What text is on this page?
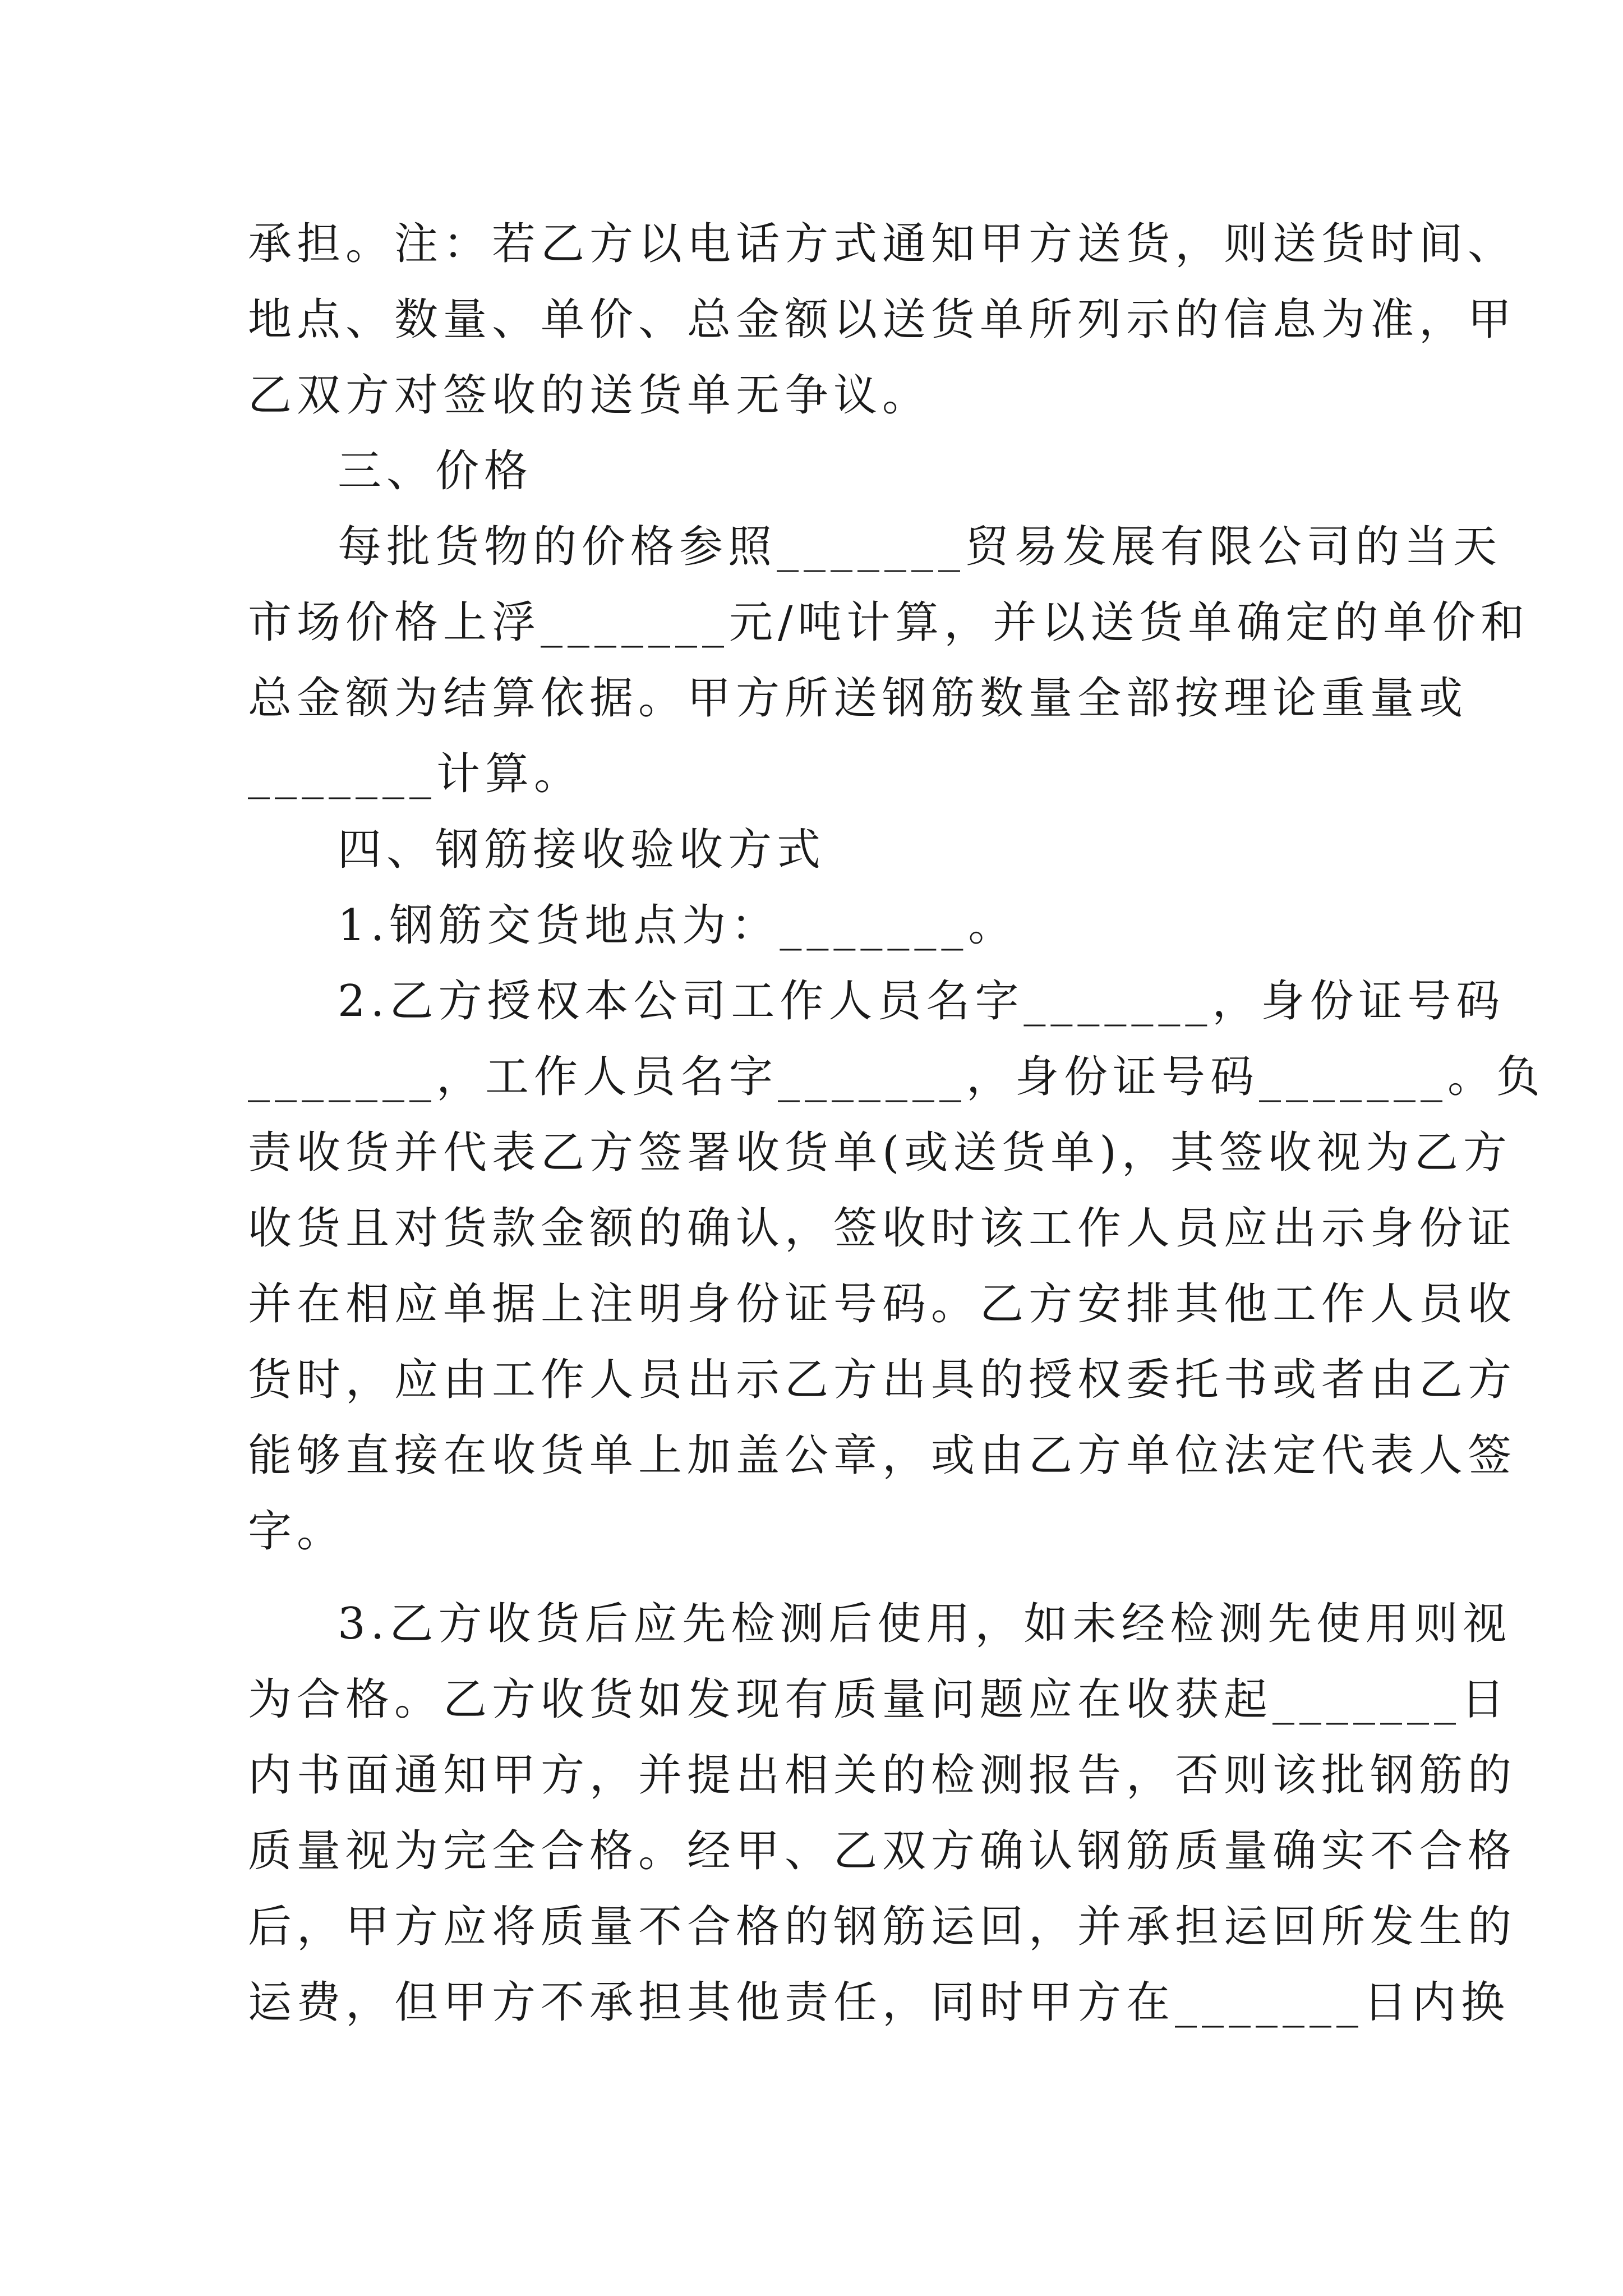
承担。注：若乙方以电话方式通知甲方送货，则送货时间、
地点、数量、单价、总金额以送货单所列示的信息为准，甲
乙双方对签收的送货单无争议。
三、价格
每批货物的价格参照_______贸易发展有限公司的当天
市场价格上浮_______元/吨计算，并以送货单确定的单价和
总金额为结算依据。甲方所送钢筋数量全部按理论重量或
_______计算。
四、钢筋接收验收方式
1.钢筋交货地点为：_______。
2.乙方授权本公司工作人员名字_______，身份证号码
_______，工作人员名字_______，身份证号码_______。负
责收货并代表乙方签署收货单(或送货单)，其签收视为乙方
收货且对货款金额的确认，签收时该工作人员应出示身份证
并在相应单据上注明身份证号码。乙方安排其他工作人员收
货时，应由工作人员出示乙方出具的授权委托书或者由乙方
能够直接在收货单上加盖公章，或由乙方单位法定代表人签
字。
3.乙方收货后应先检测后使用，如未经检测先使用则视
为合格。乙方收货如发现有质量问题应在收获起_______日
内书面通知甲方，并提出相关的检测报告，否则该批钢筋的
质量视为完全合格。经甲、乙双方确认钢筋质量确实不合格
后，甲方应将质量不合格的钢筋运回，并承担运回所发生的
运费，但甲方不承担其他责任，同时甲方在_______日内换
